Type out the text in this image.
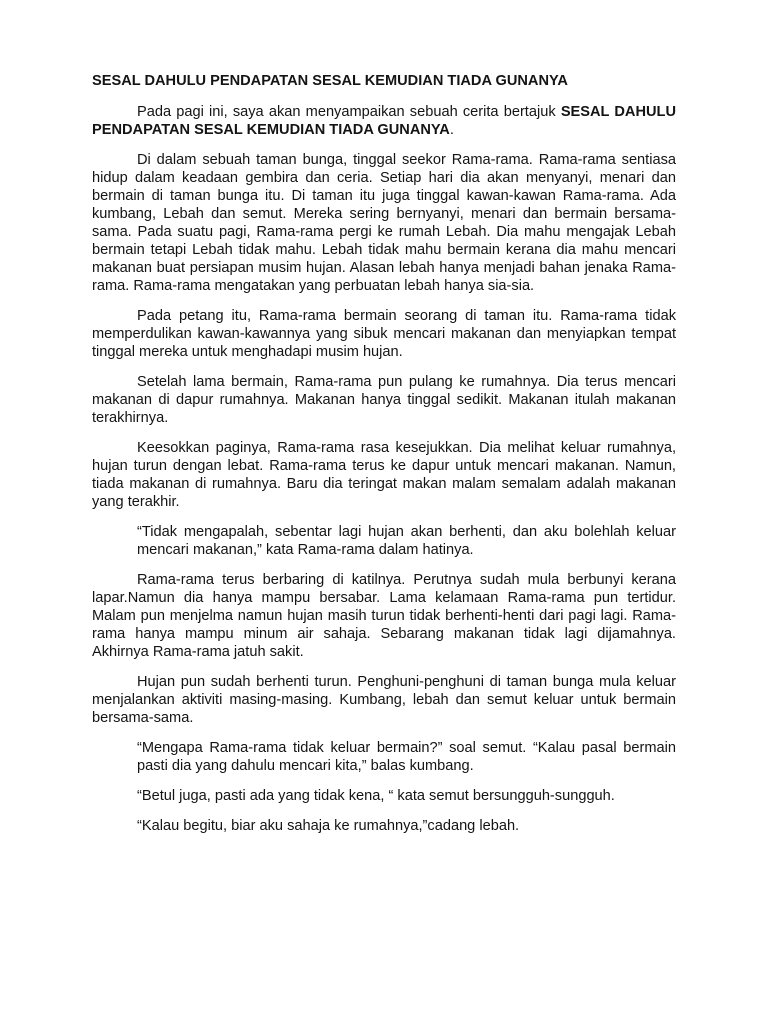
SESAL DAHULU PENDAPATAN SESAL KEMUDIAN TIADA GUNANYA

Pada pagi ini, saya akan menyampaikan sebuah cerita bertajuk SESAL DAHULU PENDAPATAN SESAL KEMUDIAN TIADA GUNANYA.

Di dalam sebuah taman bunga, tinggal seekor Rama-rama. Rama-rama sentiasa hidup dalam keadaan gembira dan ceria. Setiap hari dia akan menyanyi, menari dan bermain di taman bunga itu. Di taman itu juga tinggal kawan-kawan Rama-rama. Ada kumbang, Lebah dan semut. Mereka sering bernyanyi, menari dan bermain bersama-sama. Pada suatu pagi, Rama-rama pergi ke rumah Lebah. Dia mahu mengajak Lebah bermain tetapi Lebah tidak mahu. Lebah tidak mahu bermain kerana dia mahu mencari makanan buat persiapan musim hujan. Alasan lebah hanya menjadi bahan jenaka Rama-rama. Rama-rama mengatakan yang perbuatan lebah hanya sia-sia.

Pada petang itu, Rama-rama bermain seorang di taman itu. Rama-rama tidak memperdulikan kawan-kawannya yang sibuk mencari makanan dan menyiapkan tempat tinggal mereka untuk menghadapi musim hujan.

Setelah lama bermain, Rama-rama pun pulang ke rumahnya. Dia terus mencari makanan di dapur rumahnya. Makanan hanya tinggal sedikit. Makanan itulah makanan terakhirnya.

Keesokkan paginya, Rama-rama rasa kesejukkan. Dia melihat keluar rumahnya, hujan turun dengan lebat. Rama-rama terus ke dapur untuk mencari makanan. Namun, tiada makanan di rumahnya. Baru dia teringat makan malam semalam adalah makanan yang terakhir.

“Tidak mengapalah, sebentar lagi hujan akan berhenti, dan aku bolehlah keluar mencari makanan,” kata Rama-rama dalam hatinya.

Rama-rama terus berbaring di katilnya. Perutnya sudah mula berbunyi kerana lapar.Namun dia hanya mampu bersabar. Lama kelamaan Rama-rama pun tertidur. Malam pun menjelma namun hujan masih turun tidak berhenti-henti dari pagi lagi. Rama-rama hanya mampu minum air sahaja. Sebarang makanan tidak lagi dijamahnya. Akhirnya Rama-rama jatuh sakit.

Hujan pun sudah berhenti turun. Penghuni-penghuni di taman bunga mula keluar menjalankan aktiviti masing-masing. Kumbang, lebah dan semut keluar untuk bermain bersama-sama.

“Mengapa Rama-rama tidak keluar bermain?” soal semut. “Kalau pasal bermain pasti dia yang dahulu mencari kita,” balas kumbang.

“Betul juga, pasti ada yang tidak kena, “ kata semut bersungguh-sungguh.

“Kalau begitu, biar aku sahaja ke rumahnya,”cadang lebah.
